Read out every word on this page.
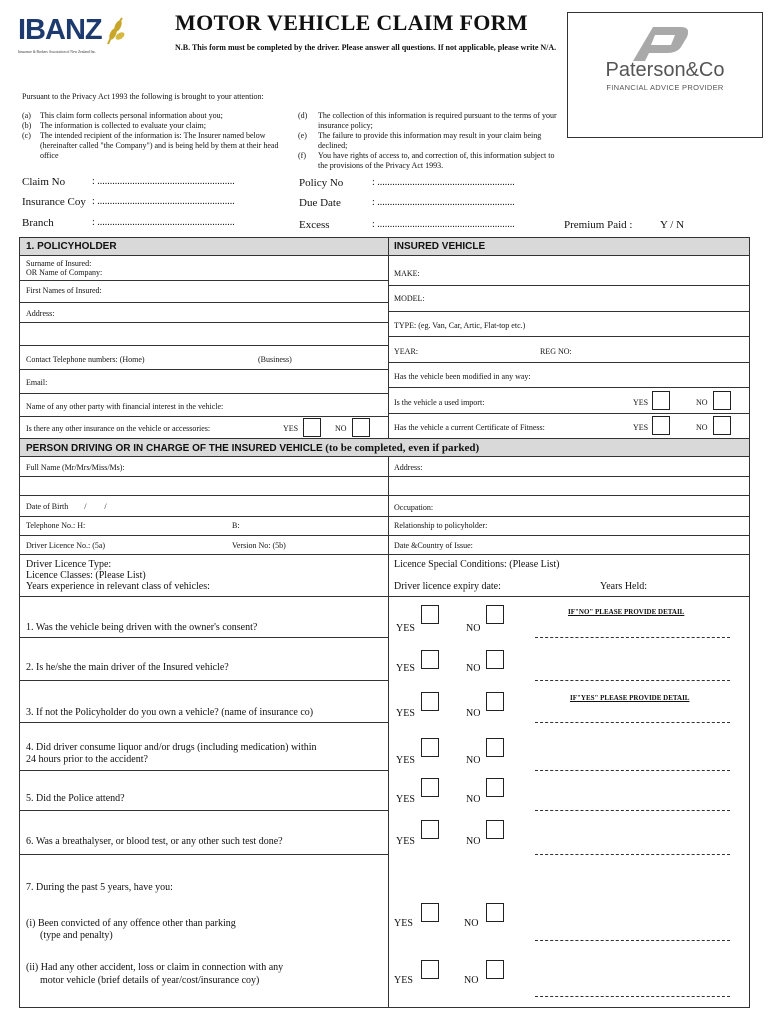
IBANZ
Insurance & Brokers Association of New Zealand Inc.
MOTOR VEHICLE CLAIM FORM
N.B. This form must be completed by the driver. Please answer all questions. If not applicable, please write N/A.
Paterson&Co
FINANCIAL ADVICE PROVIDER
Pursuant to the Privacy Act 1993 the following is brought to your attention:
(a)	This claim form collects personal information about you;
(b)	The information is collected to evaluate your claim;
(c)	The intended recipient of the information is: The Insurer named below (hereinafter called "the Company") and is being held by them at their head office
(d)	The collection of this information is required pursuant to the terms of your insurance policy;
(e)	The failure to provide this information may result in your claim being declined;
(f)	You have rights of access to, and correction of, this information subject to the provisions of the Privacy Act 1993.
Claim No	: .......................................................
Insurance Coy : .......................................................
Branch	: .......................................................
Policy No	: .......................................................
Due Date	: .......................................................
Excess	: .......................................................	Premium Paid :	Y / N
1. POLICYHOLDER	INSURED VEHICLE
Surname of Insured:
OR Name of Company:
First Names of Insured:
Address:
Contact Telephone numbers: (Home)	(Business)
Email:
Name of any other party with financial interest in the vehicle:
Is there any other insurance on the vehicle or accessories:	YES	NO
MAKE:
MODEL:
TYPE: (eg. Van, Car, Artic, Flat-top etc.)
YEAR:	REG NO:
Has the vehicle been modified in any way:
Is the vehicle a used import:	YES	NO
Has the vehicle a current Certificate of Fitness:	YES	NO
PERSON DRIVING OR IN CHARGE OF THE INSURED VEHICLE (to be completed, even if parked)
Full Name (Mr/Mrs/Miss/Ms):	Address:
Date of Birth        /         /	Occupation:
Telephone No.: H:	B:	Relationship to policyholder:
Driver Licence No.: (5a)	Version No: (5b)	Date &Country of Issue:
Driver Licence Type:
Licence Classes: (Please List)
Years experience in relevant class of vehicles:
Licence Special Conditions: (Please List)
Driver licence expiry date:	Years Held:
1. Was the vehicle being driven with the owner's consent?	YES	NO
IF"NO" PLEASE PROVIDE DETAIL
2. Is he/she the main driver of the Insured vehicle?	YES	NO
3. If not the Policyholder do you own a vehicle? (name of insurance co)	YES	NO
IF"YES" PLEASE PROVIDE DETAIL
4. Did driver consume liquor and/or drugs (including medication) within
24 hours prior to the accident?	YES	NO
5. Did the Police attend?	YES	NO
6. Was a breathalyser, or blood test, or any other such test done?	YES	NO
7. During the past 5 years, have you:
(i) Been convicted of any offence other than parking
(type and penalty)
YES	NO
(ii) Had any other accident, loss or claim in connection with any
motor vehicle (brief details of year/cost/insurance coy)	YES	NO
